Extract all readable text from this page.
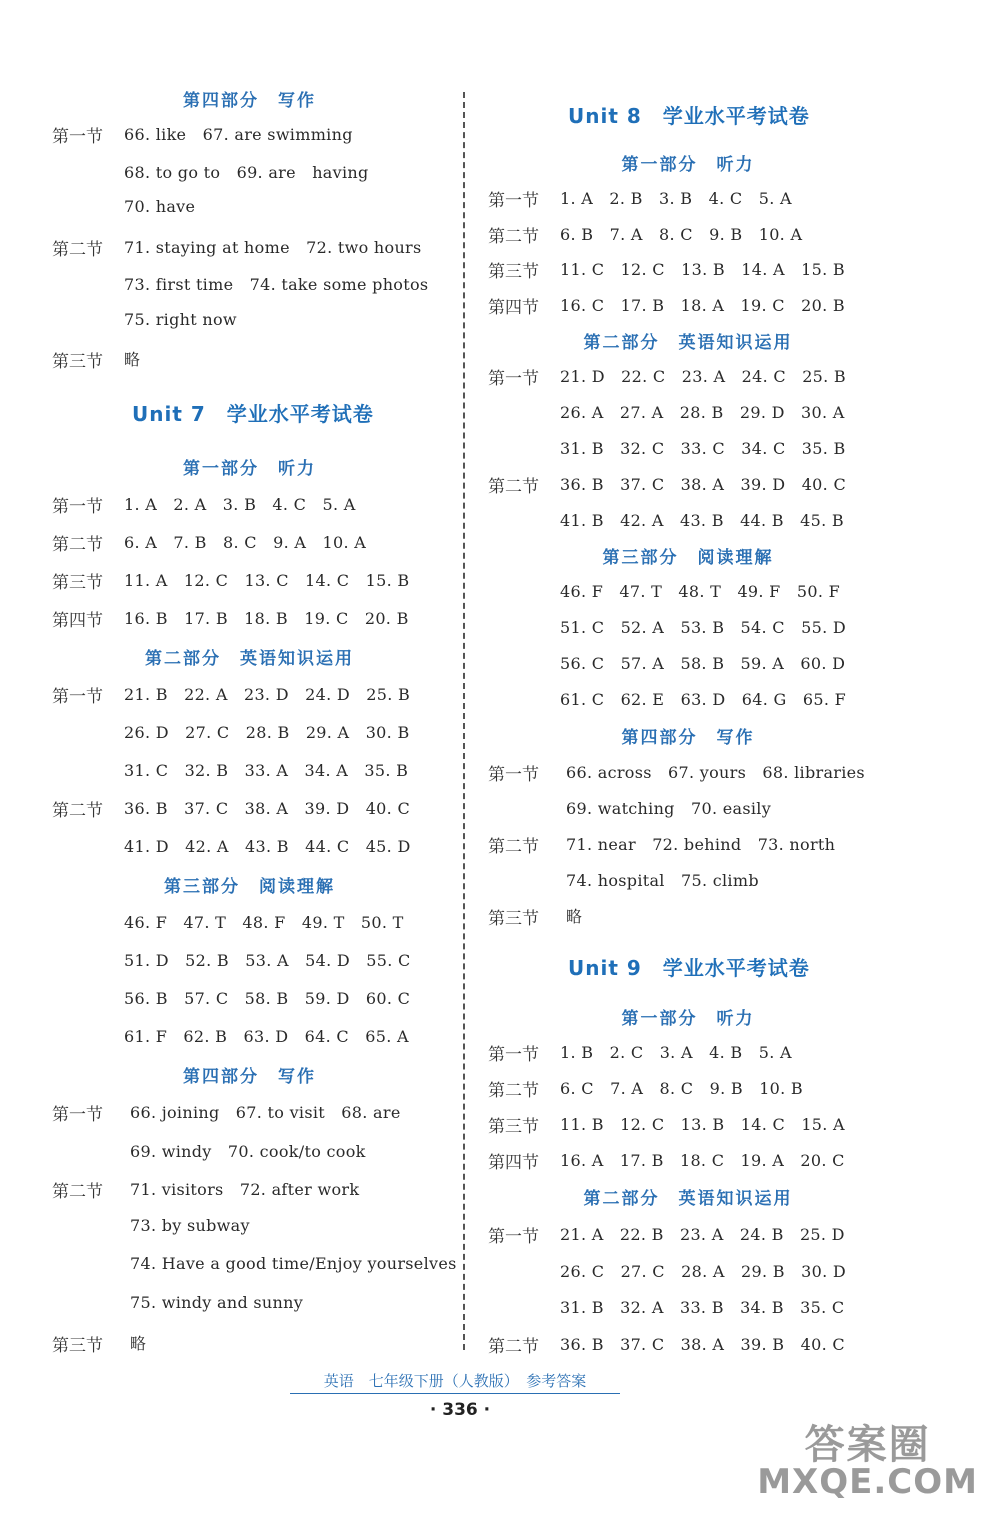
第四部分　写作
第一节 66. like　67. are swimming
68. to go to　69. are　having
70. have
第二节 71. staying at home　72. two hours
73. first time　74. take some photos
75. right now
第三节 略
Unit 7　 学业水平考试卷
第一部分　听力
第一节 1. A　2. A　3. B　4. C　5. A
第二节 6. A　7. B　8. C　9. A　10. A
第三节 11. A　12. C　13. C　14. C　15. B
第四节 16. B　17. B　18. B　19. C　20. B
第二部分　英语知识运用
第一节 21. B　22. A　23. D　24. D　25. B
26. D　27. C　28. B　29. A　30. B
31. C　32. B　33. A　34. A　35. B
第二节 36. B　37. C　38. A　39. D　40. C
41. D　42. A　43. B　44. C　45. D
第三部分　阅读理解
46. F　47. T　48. F　49. T　50. T
51. D　52. B　53. A　54. D　55. C
56. B　57. C　58. B　59. D　60. C
61. F　62. B　63. D　64. C　65. A
第四部分　写作
第一节 66. joining　67. to visit　68. are
69. windy　70. cook/to cook
第二节 71. visitors　72. after work
73. by subway
74. Have a good time/Enjoy yourselves
75. windy and sunny
第三节 略
Unit 8　 学业水平考试卷
第一部分　听力
第一节 1. A　2. B　3. B　4. C　5. A
第二节 6. B　7. A　8. C　9. B　10. A
第三节 11. C　12. C　13. B　14. A　15. B
第四节 16. C　17. B　18. A　19. C　20. B
第二部分　英语知识运用
第一节 21. D　22. C　23. A　24. C　25. B
26. A　27. A　28. B　29. D　30. A
31. B　32. C　33. C　34. C　35. B
第二节 36. B　37. C　38. A　39. D　40. C
41. B　42. A　43. B　44. B　45. B
第三部分　阅读理解
46. F　47. T　48. T　49. F　50. F
51. C　52. A　53. B　54. C　55. D
56. C　57. A　58. B　59. A　60. D
61. C　62. E　63. D　64. G　65. F
第四部分　写作
第一节 66. across　67. yours　68. libraries
69. watching　70. easily
第二节 71. near　72. behind　73. north
74. hospital　75. climb
第三节 略
Unit 9　 学业水平考试卷
第一部分　听力
第一节 1. B　2. C　3. A　4. B　5. A
第二节 6. C　7. A　8. C　9. B　10. B
第三节 11. B　12. C　13. B　14. C　15. A
第四节 16. A　17. B　18. C　19. A　20. C
第二部分　英语知识运用
第一节 21. A　22. B　23. A　24. B　25. D
26. C　27. C　28. A　29. B　30. D
31. B　32. A　33. B　34. B　35. C
第二节 36. B　37. C　38. A　39. B　40. C
英语　七年级下册（人教版）　参考答案
· 336 ·
答案圈
MXQE.COM
